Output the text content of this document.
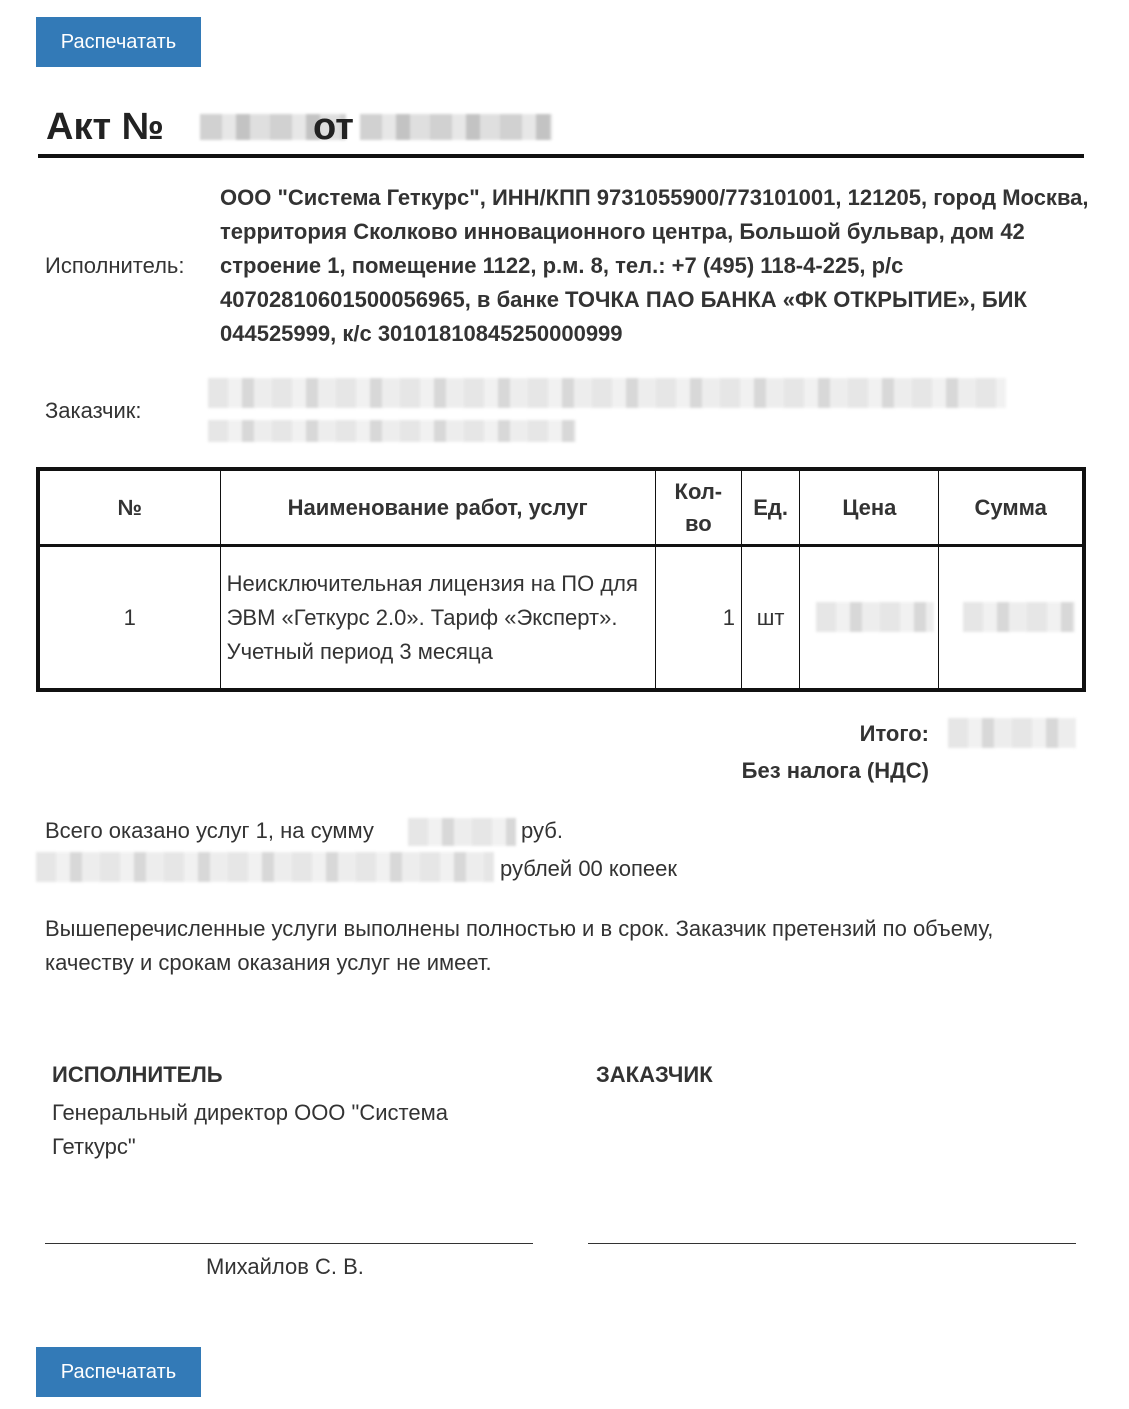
Распечатать
Акт №	от
Исполнитель:
ООО "Система Геткурс", ИНН/КПП 9731055900/773101001, 121205, город Москва, территория Сколково инновационного центра, Большой бульвар, дом 42 строение 1, помещение 1122, р.м. 8, тел.: +7 (495) 118-4-225, р/с 40702810601500056965, в банке ТОЧКА ПАО БАНКА «ФК ОТКРЫТИЕ», БИК 044525999, к/с 30101810845250000999
Заказчик:
№	Наименование работ, услуг	Кол-во	Ед.	Цена	Сумма
1	Неисключительная лицензия на ПО для ЭВМ «Геткурс 2.0». Тариф «Эксперт». Учетный период 3 месяца	1	шт	

Итого:
Без налога (НДС)
Всего оказано услуг 1, на сумму	руб.
рублей 00 копеек
Вышеперечисленные услуги выполнены полностью и в срок. Заказчик претензий по объему, качеству и срокам оказания услуг не имеет.
ИСПОЛНИТЕЛЬ
Генеральный директор ООО "Система Геткурс"
Михайлов С. В.
ЗАКАЗЧИК
Распечатать
